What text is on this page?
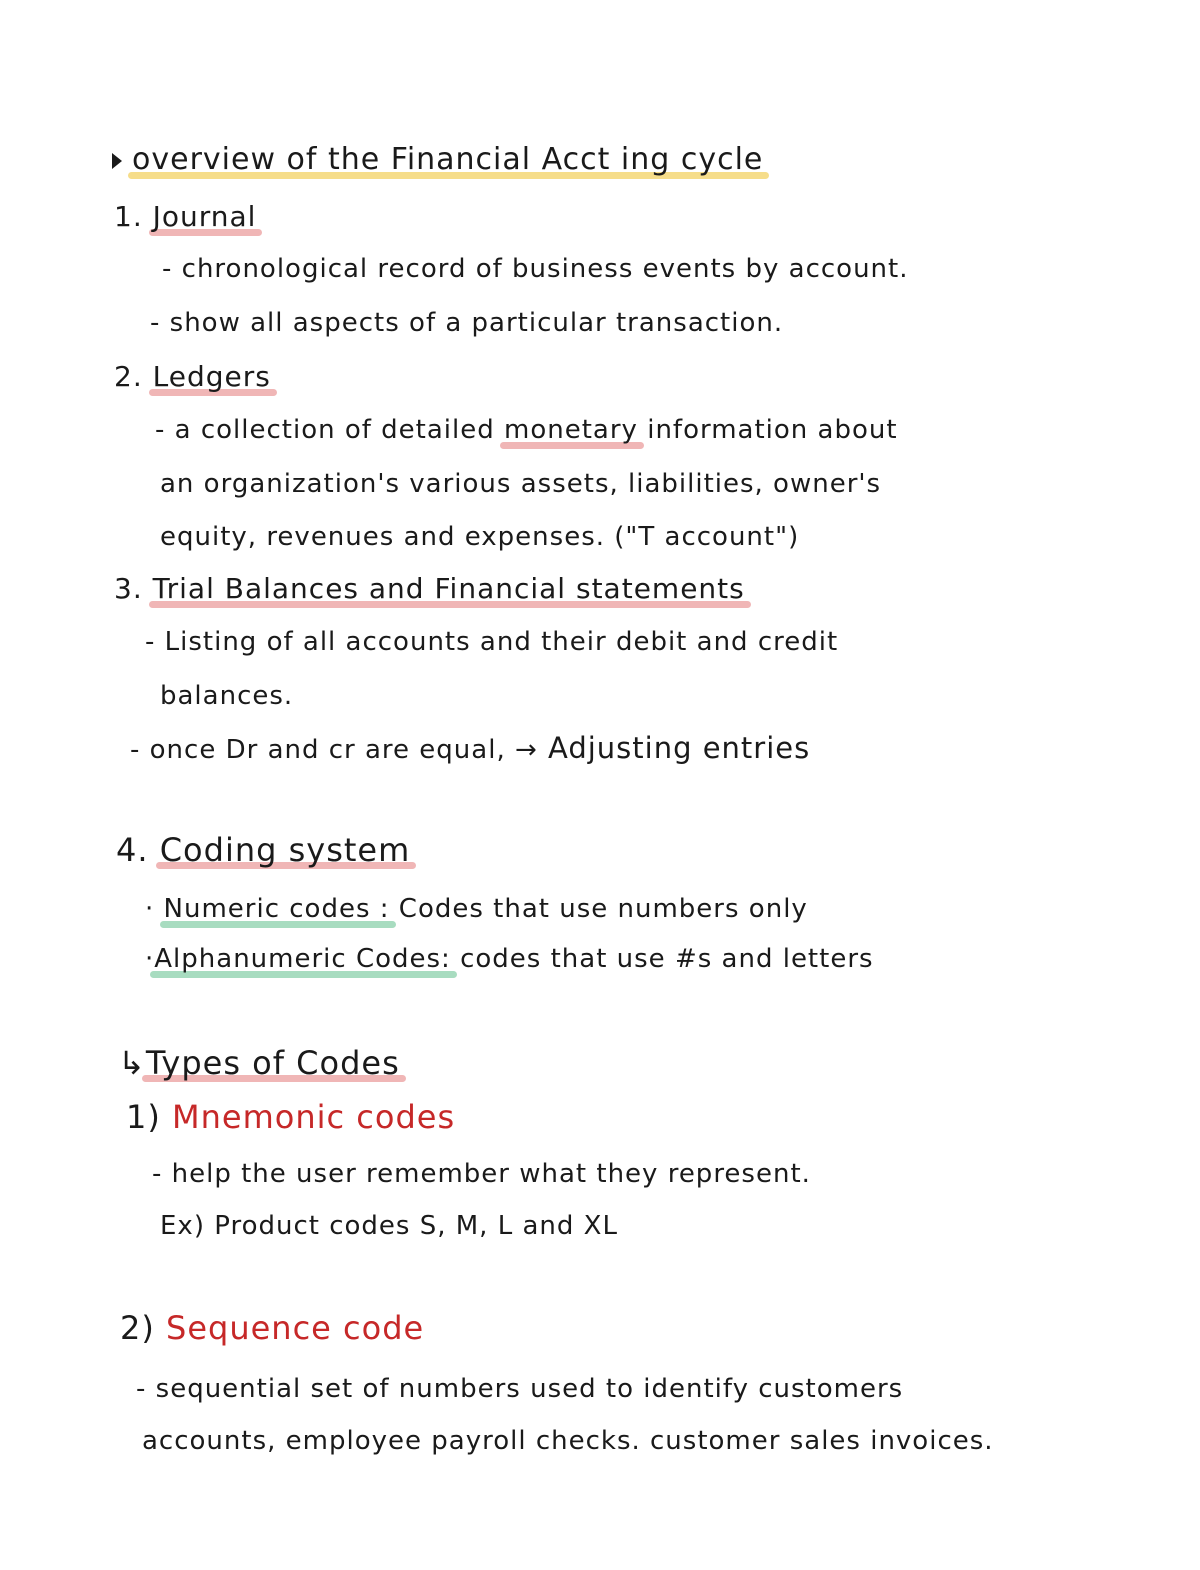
overview of the Financial Acct ing cycle
1. Journal
- chronological record of business events by account.
- show all aspects of a particular transaction.
2. Ledgers
- a collection of detailed monetary information about
an organization's various assets, liabilities, owner's
equity, revenues and expenses. ("T account")
3. Trial Balances and Financial statements
- Listing of all accounts and their debit and credit
balances.
- once Dr and cr are equal, → Adjusting entries
4. Coding system
· Numeric codes : Codes that use numbers only
·Alphanumeric Codes: codes that use #s and letters
↳Types of Codes
1) Mnemonic codes
- help the user remember what they represent.
Ex) Product codes S, M, L and XL
2) Sequence code
- sequential set of numbers used to identify customers
accounts, employee payroll checks. customer sales invoices.
